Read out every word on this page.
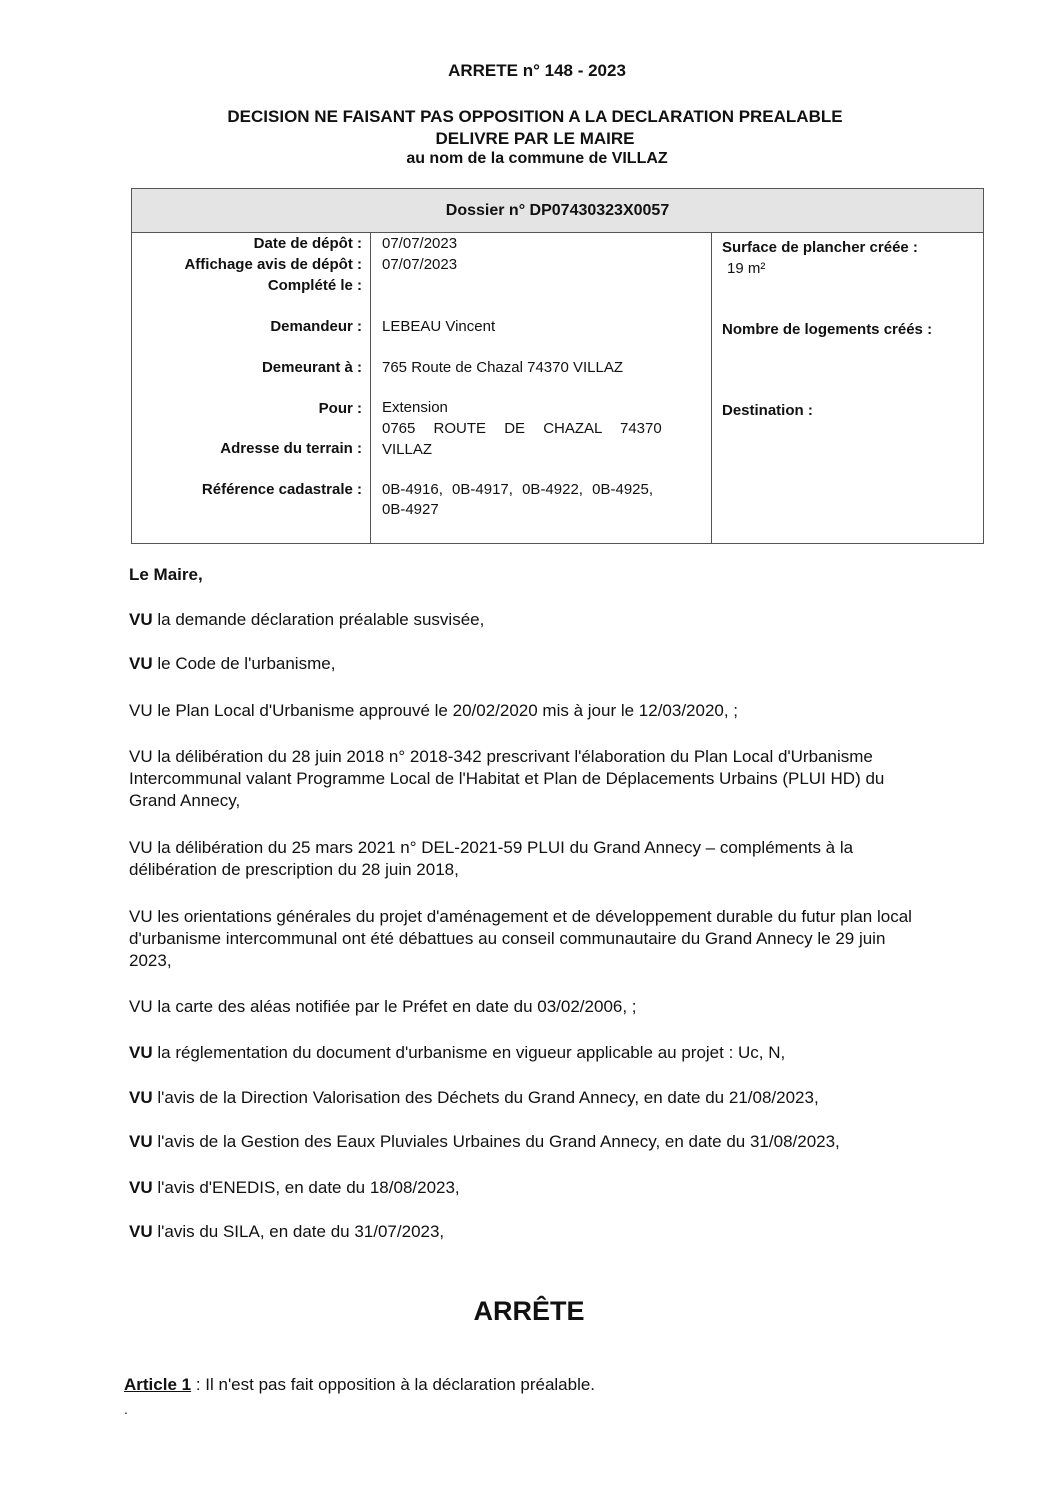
ARRETE n° 148 - 2023
DECISION NE FAISANT PAS OPPOSITION A LA DECLARATION PREALABLE
DELIVRE PAR LE MAIRE
au nom de la commune de VILLAZ
Dossier n° DP07430323X0057
Date de dépôt :
Affichage avis de dépôt :
Complété le :
Demandeur :
Demeurant à :
Pour :
Adresse du terrain :
Référence cadastrale :
07/07/2023
07/07/2023
LEBEAU Vincent
765 Route de Chazal 74370 VILLAZ
Extension
0765 ROUTE DE CHAZAL 74370
VILLAZ
0B-4916, 0B-4917, 0B-4922, 0B-4925,
0B-4927
Surface de plancher créée :
19 m²
Nombre de logements créés :
Destination :
Le Maire,
VU la demande déclaration préalable susvisée,
VU le Code de l'urbanisme,
VU le Plan Local d'Urbanisme approuvé le 20/02/2020 mis à jour le 12/03/2020, ;
VU la délibération du 28 juin 2018 n° 2018-342 prescrivant l'élaboration du Plan Local d'Urbanisme Intercommunal valant Programme Local de l'Habitat et Plan de Déplacements Urbains (PLUI HD) du Grand Annecy,
VU la délibération du 25 mars 2021 n° DEL-2021-59 PLUI du Grand Annecy – compléments à la délibération de prescription du 28 juin 2018,
VU les orientations générales du projet d'aménagement et de développement durable du futur plan local d'urbanisme intercommunal ont été débattues au conseil communautaire du Grand Annecy le 29 juin 2023,
VU la carte des aléas notifiée par le Préfet en date du 03/02/2006, ;
VU la réglementation du document d'urbanisme en vigueur applicable au projet : Uc, N,
VU l'avis de la Direction Valorisation des Déchets du Grand Annecy, en date du 21/08/2023,
VU l'avis de la Gestion des Eaux Pluviales Urbaines du Grand Annecy, en date du 31/08/2023,
VU l'avis d'ENEDIS, en date du 18/08/2023,
VU l'avis du SILA, en date du 31/07/2023,
ARRÊTE
Article 1 : Il n'est pas fait opposition à la déclaration préalable.
.
